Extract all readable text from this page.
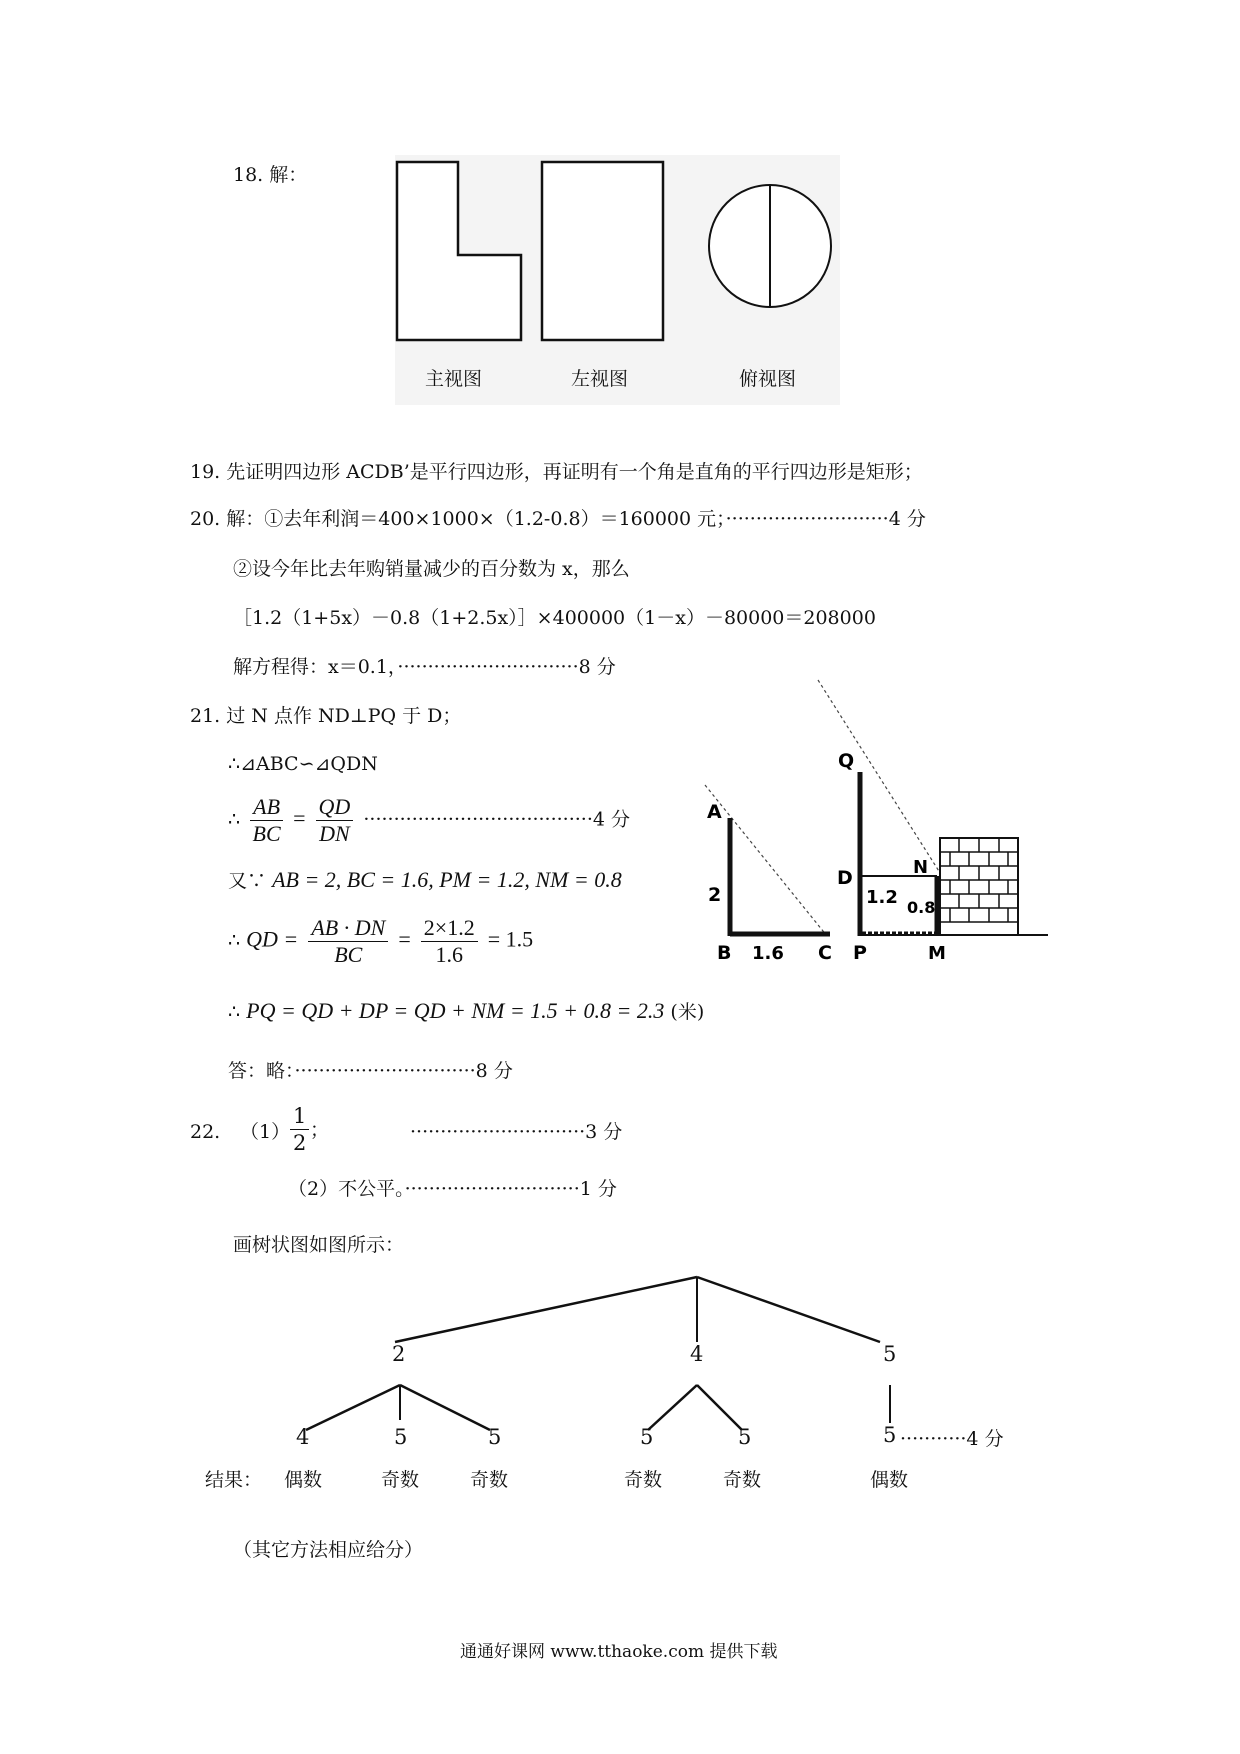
18. 解：
A
B	C P
Q
D	N
M
2
1.6
1.2 0.8
主视图	左视图	俯视图
19. 先证明四边形 ACDB’是平行四边形，再证明有一个角是直角的平行四边形是矩形；
20. 解：①去年利润＝400×1000×（1.2-0.8）＝160000 元；···························4 分
②设今年比去年购销量减少的百分数为 x，那么
［1.2（1+5x）－0.8（1+2.5x）］×400000（1－x）－80000＝208000
解方程得：x＝0.1，······························8 分
21. 过 N 点作 ND⊥PQ 于 D；
∴⊿ABC∽⊿QDN
∴ $\frac{AB}{BC} = \frac{QD}{DN} \cdot\cdot\cdot\cdot\cdot\cdot\cdot\cdot\cdot\cdot\cdot\cdot\cdot\cdot\cdot\cdot\cdot\cdot\cdot\cdot\cdot\cdot\cdot\cdot\cdot\cdot\cdot\cdot\cdot\cdot\cdot\cdot\cdot\cdot\cdot\cdot\cdot\cdot 4$ 分
又∵ AB = 2, BC = 1.6, PM = 1.2, NM = 0.8
∴ QD = $\frac{AB \cdot DN}{BC} = \frac{2\times 1.2}{1.6} = 1.5$
∴ PQ = QD + DP = QD + NM = 1.5 + 0.8 = 2.3 (米)
答：略：······························8 分
22. $(1) \frac{1}{2}$ ；	·····························3 分
（2）不公平。·····························1 分
画树状图如图所示：
2	4	5
4	5	5	5	5	5 ···········4 分
结果： 偶数	奇数	奇数	奇数	奇数	偶数
（其它方法相应给分）
通通好课网 www.tthaoke.com 提供下载
